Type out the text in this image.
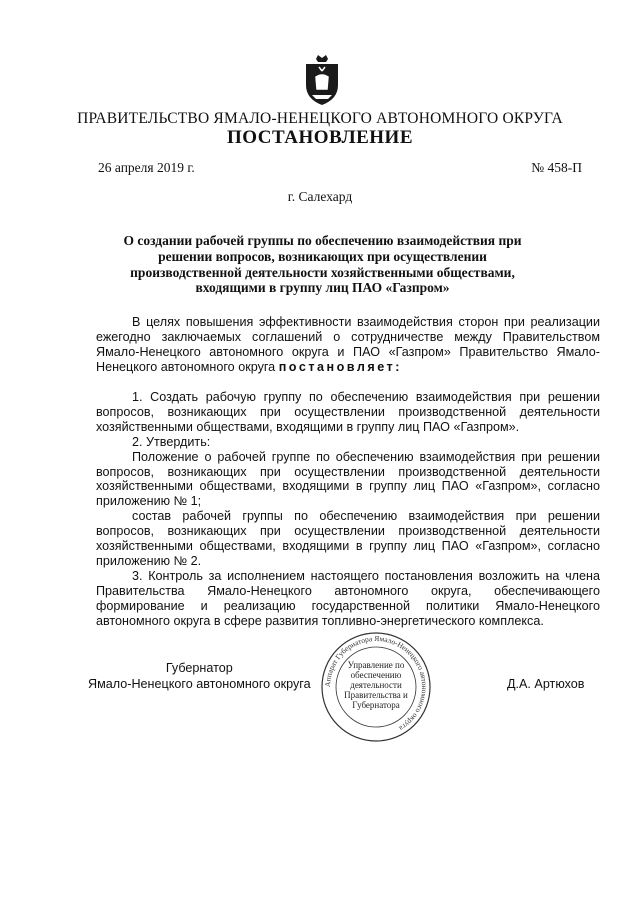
ПРАВИТЕЛЬСТВО ЯМАЛО-НЕНЕЦКОГО АВТОНОМНОГО ОКРУГА
ПОСТАНОВЛЕНИЕ
26 апреля 2019 г.	№ 458-П
г. Салехард
О создании рабочей группы по обеспечению взаимодействия при решении вопросов, возникающих при осуществлении производственной деятельности хозяйственными обществами, входящими в группу лиц ПАО «Газпром»

В целях повышения эффективности взаимодействия сторон при реализации ежегодно заключаемых соглашений о сотрудничестве между Правительством Ямало-Ненецкого автономного округа и ПАО «Газпром» Правительство Ямало-Ненецкого автономного округа постановляет:

1. Создать рабочую группу по обеспечению взаимодействия при решении вопросов, возникающих при осуществлении производственной деятельности хозяйственными обществами, входящими в группу лиц ПАО «Газпром».

2. Утвердить:

Положение о рабочей группе по обеспечению взаимодействия при решении вопросов, возникающих при осуществлении производственной деятельности хозяйственными обществами, входящими в группу лиц ПАО «Газпром», согласно приложению № 1;

состав рабочей группы по обеспечению взаимодействия при решении вопросов, возникающих при осуществлении производственной деятельности хозяйственными обществами, входящими в группу лиц ПАО «Газпром», согласно приложению № 2.

3. Контроль за исполнением настоящего постановления возложить на члена Правительства Ямало-Ненецкого автономного округа, обеспечивающего формирование и реализацию государственной политики Ямало-Ненецкого автономного округа в сфере развития топливно-энергетического комплекса.

Губернатор
Ямало-Ненецкого автономного округа Аппарат Губернатора Ямало-Ненецкого автономного округа
Управление по обеспечению деятельности Правительства и Губернатора
Д.А. Артюхов
